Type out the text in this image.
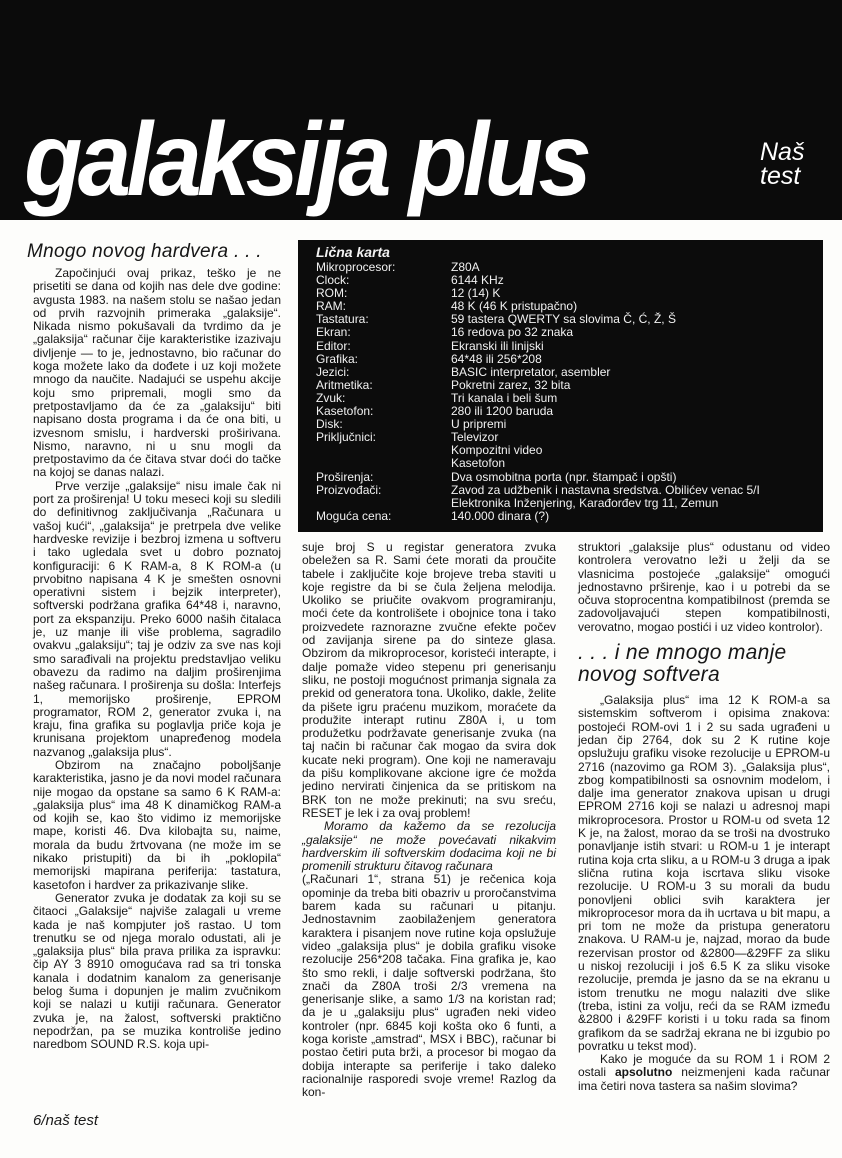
galaksija plus	Naš
test
Lična karta
Mikroprocesor:	Z80A
Clock:	6144 KHz
ROM:	12 (14) K
RAM:	48 K (46 K pristupačno)
Tastatura:	59 tastera QWERTY sa slovima Č, Ć, Ž, Š
Ekran:	16 redova po 32 znaka
Editor:	Ekranski ili linijski
Grafika:	64*48 ili 256*208
Jezici:	BASIC interpretator, asembler
Aritmetika:	Pokretni zarez, 32 bita
Zvuk:	Tri kanala i beli šum
Kasetofon:	280 ili 1200 baruda
Disk:	U pripremi
Priključnici:	Televizor
Kompozitni video
Kasetofon
Proširenja:	Dva osmobitna porta (npr. štampač i opšti)
Proizvođači:	Zavod za udžbenik i nastavna sredstva. Obilićev venac 5/I
Elektronika Inženjering, Karađorđev trg 11, Zemun
Moguća cena:	140.000 dinara (?)
Mnogo novog hardvera . . .

Započinjući ovaj prikaz, teško je ne prisetiti se dana od kojih nas dele dve godine: avgusta 1983. na našem stolu se našao jedan od prvih razvojnih primeraka „galaksije“. Nikada nismo pokušavali da tvrdimo da je „galaksija“ računar čije karakteristike izazivaju divljenje — to je, jednostavno, bio računar do koga možete lako da dođete i uz koji možete mnogo da naučite. Nadajući se uspehu akcije koju smo pripremali, mogli smo da pretpostavljamo da će za „galaksiju“ biti napisano dosta programa i da će ona biti, u izvesnom smislu, i hardverski proširivana. Nismo, naravno, ni u snu mogli da pretpostavimo da će čitava stvar doći do tačke na kojoj se danas nalazi.

Prve verzije „galaksije“ nisu imale čak ni port za proširenja! U toku meseci koji su sledili do definitivnog zaključivanja „Računara u vašoj kući“, „galaksija“ je pretrpela dve velike hardveske revizije i bezbroj izmena u softveru i tako ugledala svet u dobro poznatoj konfiguraciji: 6 K RAM-a, 8 K ROM-a (u prvobitno napisana 4 K je smešten osnovni operativni sistem i bejzik interpreter), softverski podržana grafika 64*48 i, naravno, port za ekspanziju. Preko 6000 naših čitalaca je, uz manje ili više problema, sagradilo ovakvu „galaksiju“; taj je odziv za sve nas koji smo sarađivali na projektu predstavljao veliku obavezu da radimo na daljim proširenjima našeg računara. I proširenja su došla: Interfejs 1, memorijsko proširenje, EPROM programator, ROM 2, generator zvuka i, na kraju, fina grafika su poglavlja priče koja je krunisana projektom unapređenog modela nazvanog „galaksija plus“.

Obzirom na značajno poboljšanje karakteristika, jasno je da novi model računara nije mogao da opstane sa samo 6 K RAM-a: „galaksija plus“ ima 48 K dinamičkog RAM-a od kojih se, kao što vidimo iz memorijske mape, koristi 46. Dva kilobajta su, naime, morala da budu žrtvovana (ne može im se nikako pristupiti) da bi ih „poklopila“ memorijski mapirana periferija: tastatura, kasetofon i hardver za prikazivanje slike.

Generator zvuka je dodatak za koji su se čitaoci „Galaksije“ najviše zalagali u vreme kada je naš kompjuter još rastao. U tom trenutku se od njega moralo odustati, ali je „galaksija plus“ bila prava prilika za ispravku: čip AY 3 8910 omogućava rad sa tri tonska kanala i dodatnim kanalom za generisanje belog šuma i dopunjen je malim zvučnikom koji se nalazi u kutiji računara. Generator zvuka je, na žalost, softverski praktično nepodržan, pa se muzika kontroliše jedino naredbom SOUND R.S. koja upi-

suje broj S u registar generatora zvuka obeležen sa R. Sami ćete morati da proučite tabele i zaključite koje brojeve treba staviti u koje registre da bi se čula željena melodija. Ukoliko se priučite ovakvom programiranju, moći ćete da kontrolišete i obojnice tona i tako proizvedete raznorazne zvučne efekte počev od zavijanja sirene pa do sinteze glasa. Obzirom da mikroprocesor, koristeći interapte, i dalje pomaže video stepenu pri generisanju sliku, ne postoji mogućnost primanja signala za prekid od generatora tona. Ukoliko, dakle, želite da pišete igru praćenu muzikom, moraćete da produžite interapt rutinu Z80A i, u tom produžetku podržavate generisanje zvuka (na taj način bi računar čak mogao da svira dok kucate neki program). One koji ne nameravaju da pišu komplikovane akcione igre će možda jedino nervirati činjenica da se pritiskom na BRK ton ne može prekinuti; na svu sreću, RESET je lek i za ovaj problem!

Moramo da kažemo da se rezolucija „galaksije“ ne može povećavati nikakvim hardverskim ili softverskim dodacima koji ne bi promenili strukturu čitavog računara

(„Računari 1“, strana 51) je rečenica koja opominje da treba biti obazriv u proročanstvima barem kada su računari u pitanju. Jednostavnim zaobilaženjem generatora karaktera i pisanjem nove rutine koja opslužuje video „galaksija plus“ je dobila grafiku visoke rezolucije 256*208 tačaka. Fina grafika je, kao što smo rekli, i dalje softverski podržana, što znači da Z80A troši 2/3 vremena na generisanje slike, a samo 1/3 na koristan rad; da je u „galaksiju plus“ ugrađen neki video kontroler (npr. 6845 koji košta oko 6 funti, a koga koriste „amstrad“, MSX i BBC), računar bi postao četiri puta brži, a procesor bi mogao da dobija interapte sa periferije i tako daleko racionalnije rasporedi svoje vreme! Razlog da kon-

struktori „galaksije plus“ odustanu od video kontrolera verovatno leži u želji da se vlasnicima postojeće „galaksije“ omogući jednostavno prširenje, kao i u potrebi da se očuva stoprocentna kompatibilnost (premda se zadovoljavajući stepen kompatibilnosti, verovatno, mogao postići i uz video kontrolor).

. . . i ne mnogo manje
novog softvera

„Galaksija plus“ ima 12 K ROM-a sa sistemskim softverom i opisima znakova: postojeći ROM-ovi 1 i 2 su sada ugrađeni u jedan čip 2764, dok su 2 K rutine koje opslužuju grafiku visoke rezolucije u EPROM-u 2716 (nazovimo ga ROM 3). „Galaksija plus“, zbog kompatibilnosti sa osnovnim modelom, i dalje ima generator znakova upisan u drugi EPROM 2716 koji se nalazi u adresnoj mapi mikroprocesora. Prostor u ROM-u od sveta 12 K je, na žalost, morao da se troši na dvostruko ponavljanje istih stvari: u ROM-u 1 je interapt rutina koja crta sliku, a u ROM-u 3 druga a ipak slična rutina koja iscrtava sliku visoke rezolucije. U ROM-u 3 su morali da budu ponovljeni oblici svih karaktera jer mikroprocesor mora da ih ucrtava u bit mapu, a pri tom ne može da pristupa generatoru znakova. U RAM-u je, najzad, morao da bude rezervisan prostor od &2800—&29FF za sliku u niskoj rezoluciji i još 6.5 K za sliku visoke rezolucije, premda je jasno da se na ekranu u istom trenutku ne mogu nalaziti dve slike (treba, istini za volju, reći da se RAM između &2800 i &29FF koristi i u toku rada sa finom grafikom da se sadržaj ekrana ne bi izgubio po povratku u tekst mod).

Kako je moguće da su ROM 1 i ROM 2 ostali apsolutno neizmenjeni kada računar ima četiri nova tastera sa našim slovima?

6/naš test
